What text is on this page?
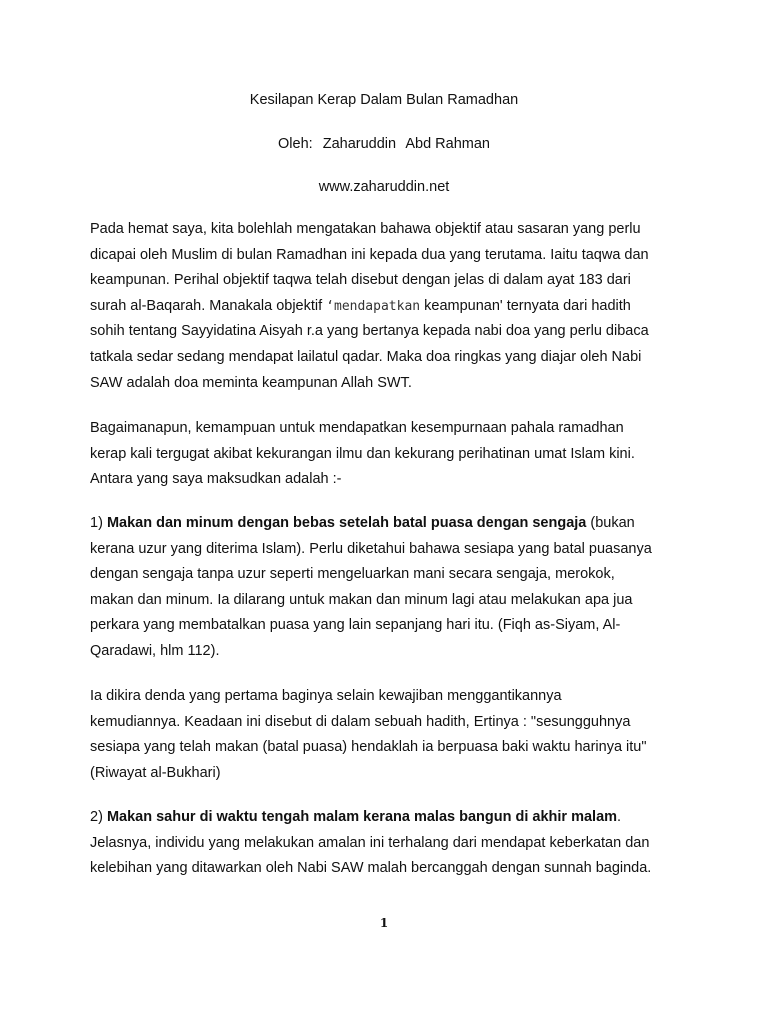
Kesilapan Kerap Dalam Bulan Ramadhan
Oleh: Zaharuddin Abd Rahman
www.zaharuddin.net
Pada hemat saya, kita bolehlah mengatakan bahawa objektif atau sasaran yang perlu
dicapai oleh Muslim di bulan Ramadhan ini kepada dua yang terutama. Iaitu taqwa dan
keampunan. Perihal objektif taqwa telah disebut dengan jelas di dalam ayat 183 dari
surah al-Baqarah. Manakala objektif ‘mendapatkan keampunan' ternyata dari hadith
sohih tentang Sayyidatina Aisyah r.a yang bertanya kepada nabi doa yang perlu dibaca
tatkala sedar sedang mendapat lailatul qadar. Maka doa ringkas yang diajar oleh Nabi
SAW adalah doa meminta keampunan Allah SWT.
Bagaimanapun, kemampuan untuk mendapatkan kesempurnaan pahala ramadhan
kerap kali tergugat akibat kekurangan ilmu dan kekurang perihatinan umat Islam kini.
Antara yang saya maksudkan adalah :-
1) Makan dan minum dengan bebas setelah batal puasa dengan sengaja (bukan
kerana uzur yang diterima Islam). Perlu diketahui bahawa sesiapa yang batal puasanya
dengan sengaja tanpa uzur seperti mengeluarkan mani secara sengaja, merokok,
makan dan minum. Ia dilarang untuk makan dan minum lagi atau melakukan apa jua
perkara yang membatalkan puasa yang lain sepanjang hari itu. (Fiqh as-Siyam, Al-
Qaradawi, hlm 112).
Ia dikira denda yang pertama baginya selain kewajiban menggantikannya
kemudiannya. Keadaan ini disebut di dalam sebuah hadith, Ertinya : "sesungguhnya
sesiapa yang telah makan (batal puasa) hendaklah ia berpuasa baki waktu harinya itu"
(Riwayat al-Bukhari)
2) Makan sahur di waktu tengah malam kerana malas bangun di akhir malam.
Jelasnya, individu yang melakukan amalan ini terhalang dari mendapat keberkatan dan
kelebihan yang ditawarkan oleh Nabi SAW malah bercanggah dengan sunnah baginda.
1
